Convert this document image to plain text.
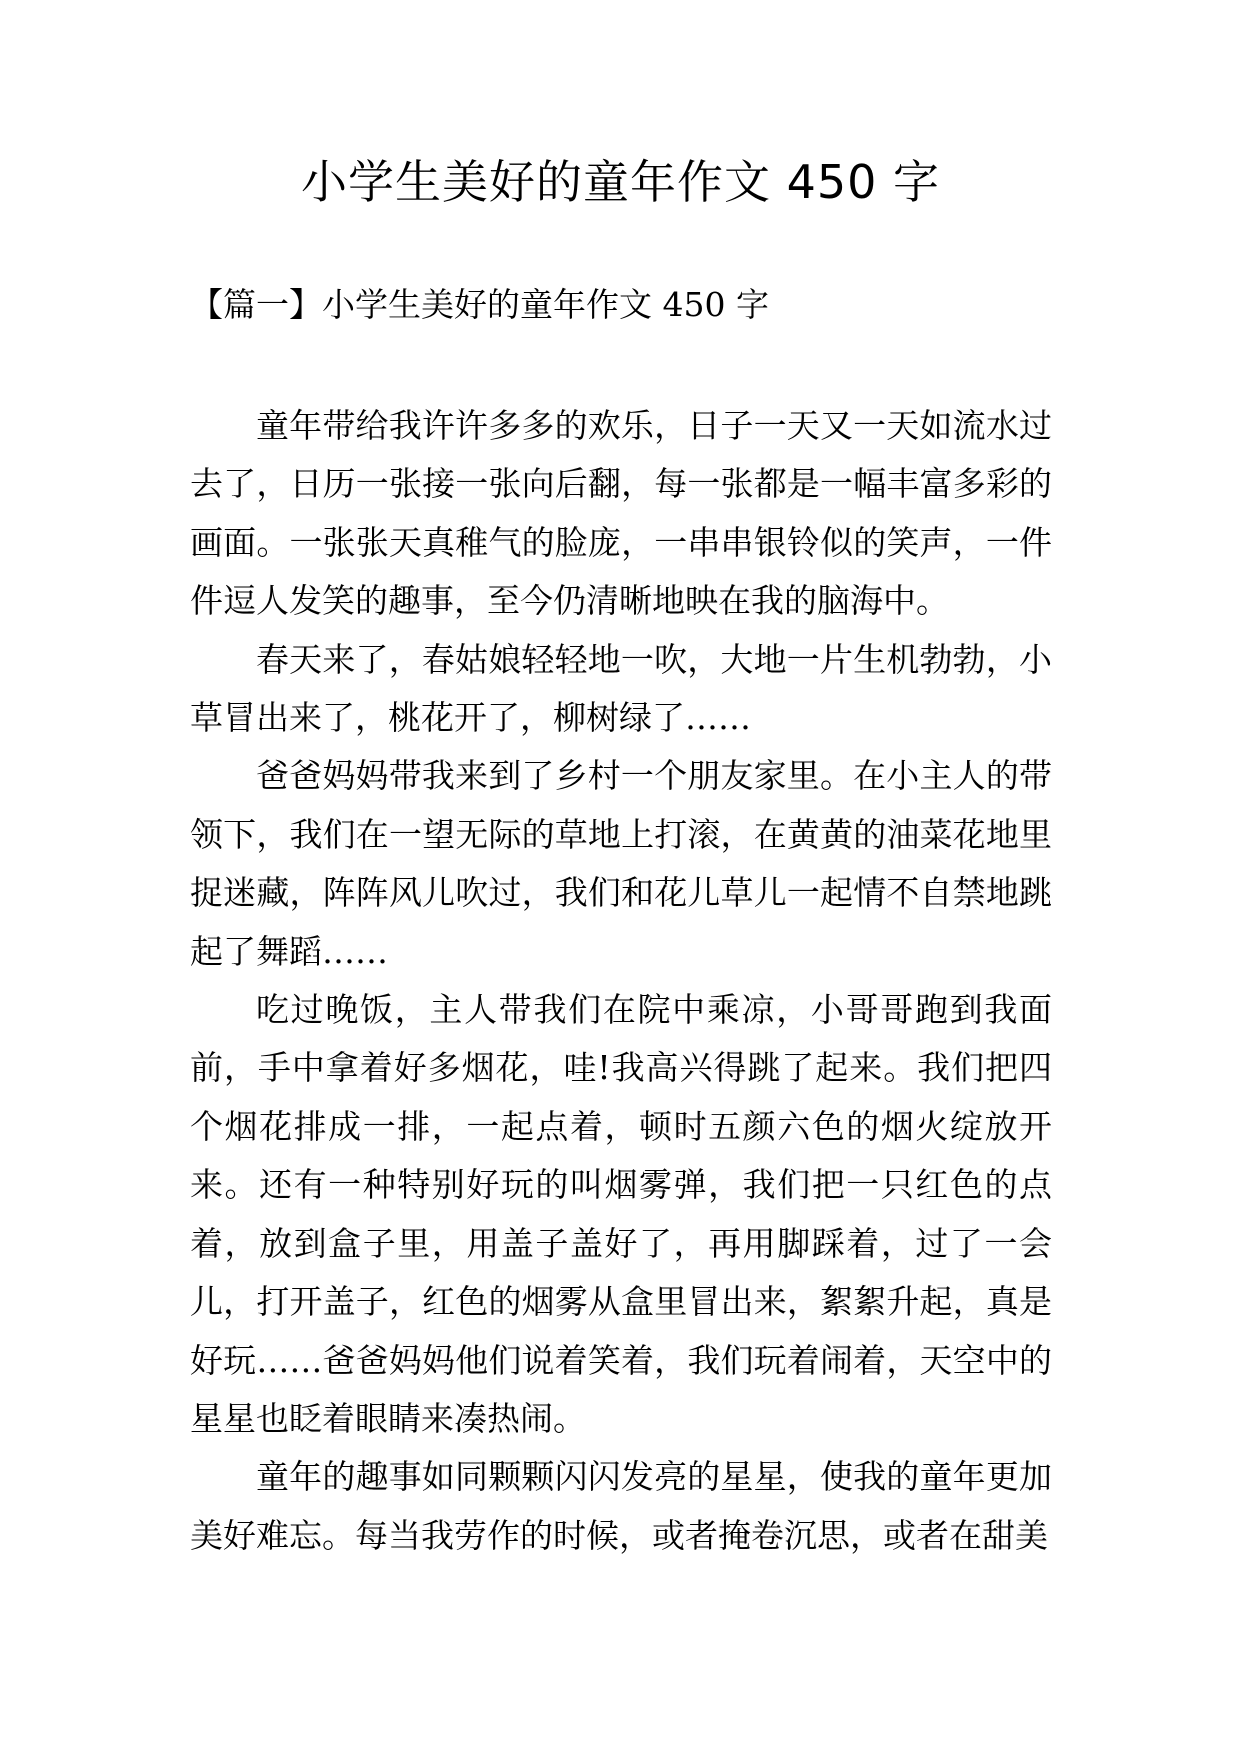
小学生美好的童年作文 450 字
【篇一】小学生美好的童年作文 450 字

童年带给我许许多多的欢乐，日子一天又一天如流水过去了，日历一张接一张向后翻，每一张都是一幅丰富多彩的画面。一张张天真稚气的脸庞，一串串银铃似的笑声，一件件逗人发笑的趣事，至今仍清晰地映在我的脑海中。

春天来了，春姑娘轻轻地一吹，大地一片生机勃勃，小草冒出来了，桃花开了，柳树绿了……

爸爸妈妈带我来到了乡村一个朋友家里。在小主人的带领下，我们在一望无际的草地上打滚，在黄黄的油菜花地里捉迷藏，阵阵风儿吹过，我们和花儿草儿一起情不自禁地跳起了舞蹈……

吃过晚饭，主人带我们在院中乘凉，小哥哥跑到我面前，手中拿着好多烟花，哇!我高兴得跳了起来。我们把四个烟花排成一排，一起点着，顿时五颜六色的烟火绽放开来。还有一种特别好玩的叫烟雾弹，我们把一只红色的点着，放到盒子里，用盖子盖好了，再用脚踩着，过了一会儿，打开盖子，红色的烟雾从盒里冒出来，絮絮升起，真是好玩……爸爸妈妈他们说着笑着，我们玩着闹着，天空中的星星也眨着眼睛来凑热闹。

童年的趣事如同颗颗闪闪发亮的星星，使我的童年更加美好难忘。每当我劳作的时候，或者掩卷沉思，或者在甜美
